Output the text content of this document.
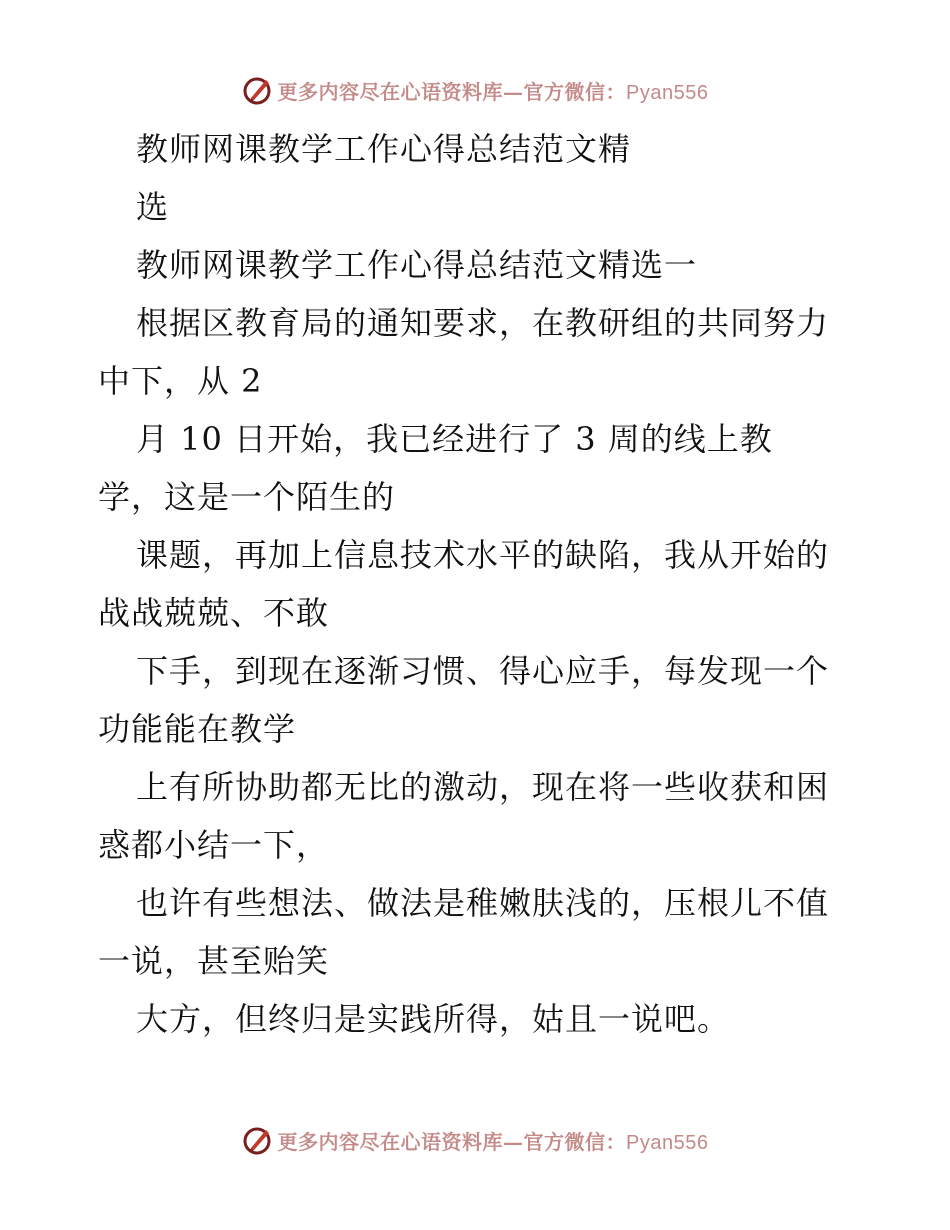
更多内容尽在心语资料库—官方微信：Pyan556
教师网课教学工作心得总结范文精
选
教师网课教学工作心得总结范文精选一
根据区教育局的通知要求，在教研组的共同努力
中下，从 2
月 10 日开始，我已经进行了 3 周的线上教
学，这是一个陌生的
课题，再加上信息技术水平的缺陷，我从开始的
战战兢兢、不敢
下手，到现在逐渐习惯、得心应手，每发现一个
功能能在教学
上有所协助都无比的激动，现在将一些收获和困
惑都小结一下，
也许有些想法、做法是稚嫩肤浅的，压根儿不值
一说，甚至贻笑
大方，但终归是实践所得，姑且一说吧。
更多内容尽在心语资料库—官方微信：Pyan556
